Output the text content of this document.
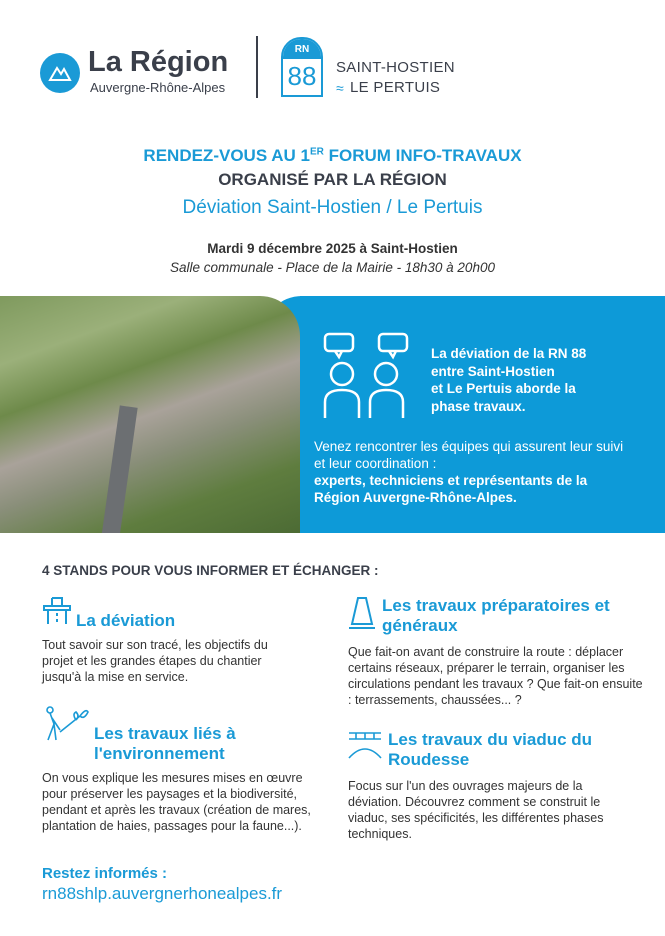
La Région
Auvergne-Rhône-Alpes
RN
88	SAINT-HOSTIEN
≈ LE PERTUIS
RENDEZ-VOUS AU 1ER FORUM INFO-TRAVAUX
ORGANISÉ PAR LA RÉGION
Déviation Saint-Hostien / Le Pertuis
Mardi 9 décembre 2025 à Saint-Hostien
Salle communale - Place de la Mairie - 18h30 à 20h00
La déviation de la RN 88
entre Saint-Hostien
et Le Pertuis aborde la
phase travaux.
Venez rencontrer les équipes qui assurent leur suivi et leur coordination :
experts, techniciens et représentants de la Région Auvergne-Rhône-Alpes.
4 STANDS POUR VOUS INFORMER ET ÉCHANGER :
La déviation
Tout savoir sur son tracé, les objectifs du projet et les grandes étapes du chantier jusqu'à la mise en service.
Les travaux préparatoires et généraux
Que fait-on avant de construire la route : déplacer certains réseaux, préparer le terrain, organiser les circulations pendant les travaux ? Que fait-on ensuite : terrassements, chaussées... ?
Les travaux liés à l'environnement
On vous explique les mesures mises en œuvre pour préserver les paysages et la biodiversité, pendant et après les travaux (création de mares, plantation de haies, passages pour la faune...).
Les travaux du viaduc du Roudesse
Focus sur l'un des ouvrages majeurs de la déviation. Découvrez comment se construit le viaduc, ses spécificités, les différentes phases techniques.
Restez informés :
rn88shlp.auvergnerhonealpes.fr
